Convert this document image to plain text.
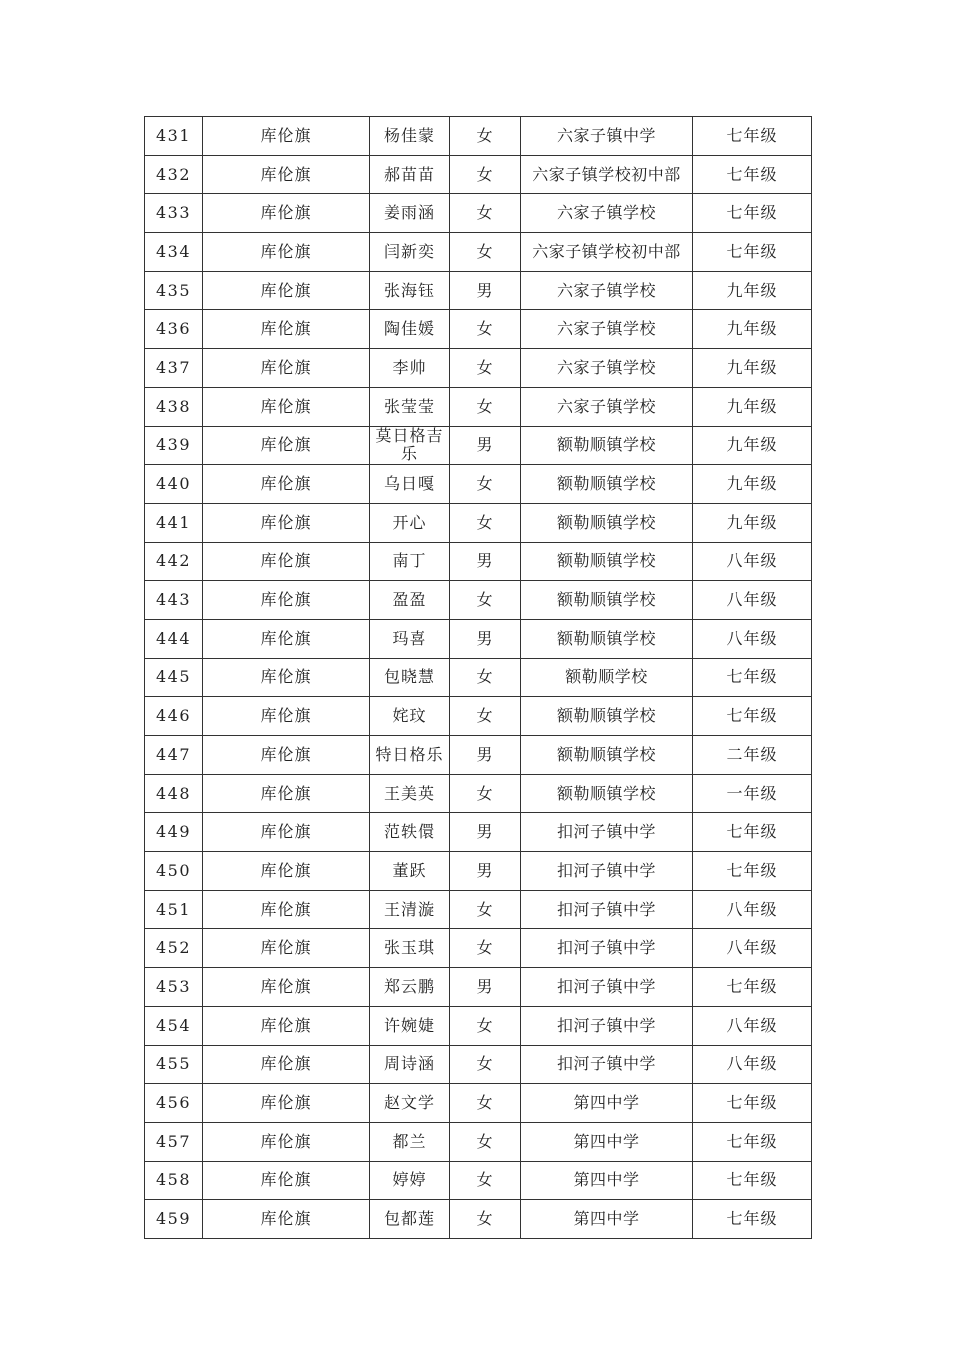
431	库伦旗	杨佳蒙	女	六家子镇中学	七年级
432	库伦旗	郝苗苗	女	六家子镇学校初中部	七年级
433	库伦旗	姜雨涵	女	六家子镇学校	七年级
434	库伦旗	闫新奕	女	六家子镇学校初中部	七年级
435	库伦旗	张海钰	男	六家子镇学校	九年级
436	库伦旗	陶佳媛	女	六家子镇学校	九年级
437	库伦旗	李帅	女	六家子镇学校	九年级
438	库伦旗	张莹莹	女	六家子镇学校	九年级
439	库伦旗	莫日格吉乐	男	额勒顺镇学校	九年级
440	库伦旗	乌日嘎	女	额勒顺镇学校	九年级
441	库伦旗	开心	女	额勒顺镇学校	九年级
442	库伦旗	南丁	男	额勒顺镇学校	八年级
443	库伦旗	盈盈	女	额勒顺镇学校	八年级
444	库伦旗	玛喜	男	额勒顺镇学校	八年级
445	库伦旗	包晓慧	女	额勒顺学校	七年级
446	库伦旗	姹玟	女	额勒顺镇学校	七年级
447	库伦旗	特日格乐	男	额勒顺镇学校	二年级
448	库伦旗	王美英	女	额勒顺镇学校	一年级
449	库伦旗	范轶儇	男	扣河子镇中学	七年级
450	库伦旗	董跃	男	扣河子镇中学	七年级
451	库伦旗	王清漩	女	扣河子镇中学	八年级
452	库伦旗	张玉琪	女	扣河子镇中学	八年级
453	库伦旗	郑云鹏	男	扣河子镇中学	七年级
454	库伦旗	许婉婕	女	扣河子镇中学	八年级
455	库伦旗	周诗涵	女	扣河子镇中学	八年级
456	库伦旗	赵文学	女	第四中学	七年级
457	库伦旗	都兰	女	第四中学	七年级
458	库伦旗	婷婷	女	第四中学	七年级
459	库伦旗	包都莲	女	第四中学	七年级
